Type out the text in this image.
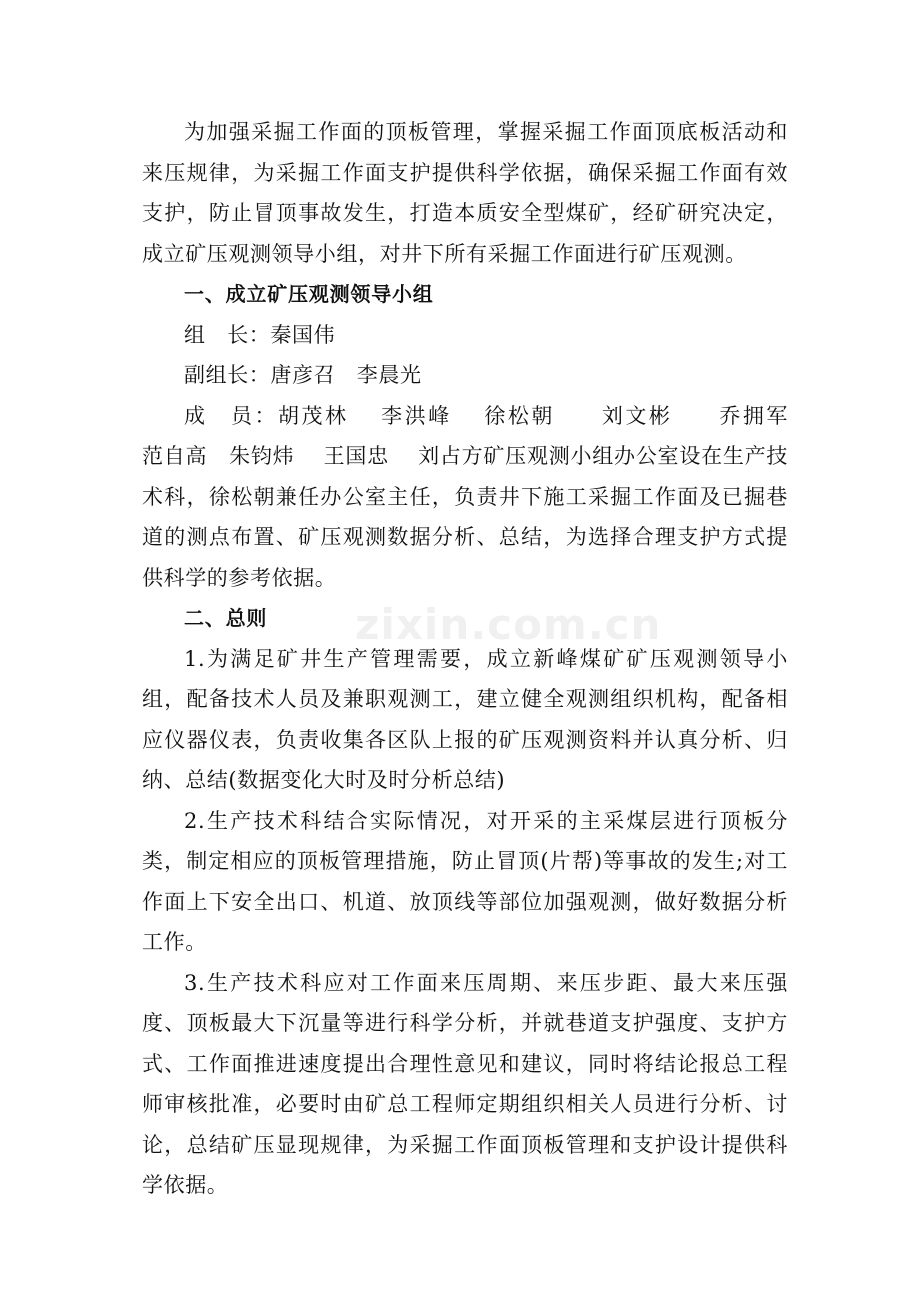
zixin.com.cn

为加强采掘工作面的顶板管理，掌握采掘工作面顶底板活动和来压规律，为采掘工作面支护提供科学依据，确保采掘工作面有效支护，防止冒顶事故发生，打造本质安全型煤矿，经矿研究决定，成立矿压观测领导小组，对井下所有采掘工作面进行矿压观测。

一、成立矿压观测领导小组

组　长：秦国伟

副组长：唐彦召　李晨光

成　员：胡茂林　 李洪峰　 徐松朝　　刘文彬　　乔拥军　 范自高　朱钧炜　 王国忠　 刘占方矿压观测小组办公室设在生产技术科，徐松朝兼任办公室主任，负责井下施工采掘工作面及已掘巷道的测点布置、矿压观测数据分析、总结，为选择合理支护方式提供科学的参考依据。

二、总则

1.为满足矿井生产管理需要，成立新峰煤矿矿压观测领导小组，配备技术人员及兼职观测工，建立健全观测组织机构，配备相应仪器仪表，负责收集各区队上报的矿压观测资料并认真分析、归纳、总结(数据变化大时及时分析总结)

2.生产技术科结合实际情况，对开采的主采煤层进行顶板分类，制定相应的顶板管理措施，防止冒顶(片帮)等事故的发生;对工作面上下安全出口、机道、放顶线等部位加强观测，做好数据分析工作。

3.生产技术科应对工作面来压周期、来压步距、最大来压强度、顶板最大下沉量等进行科学分析，并就巷道支护强度、支护方式、工作面推进速度提出合理性意见和建议，同时将结论报总工程师审核批准，必要时由矿总工程师定期组织相关人员进行分析、讨论，总结矿压显现规律，为采掘工作面顶板管理和支护设计提供科学依据。
